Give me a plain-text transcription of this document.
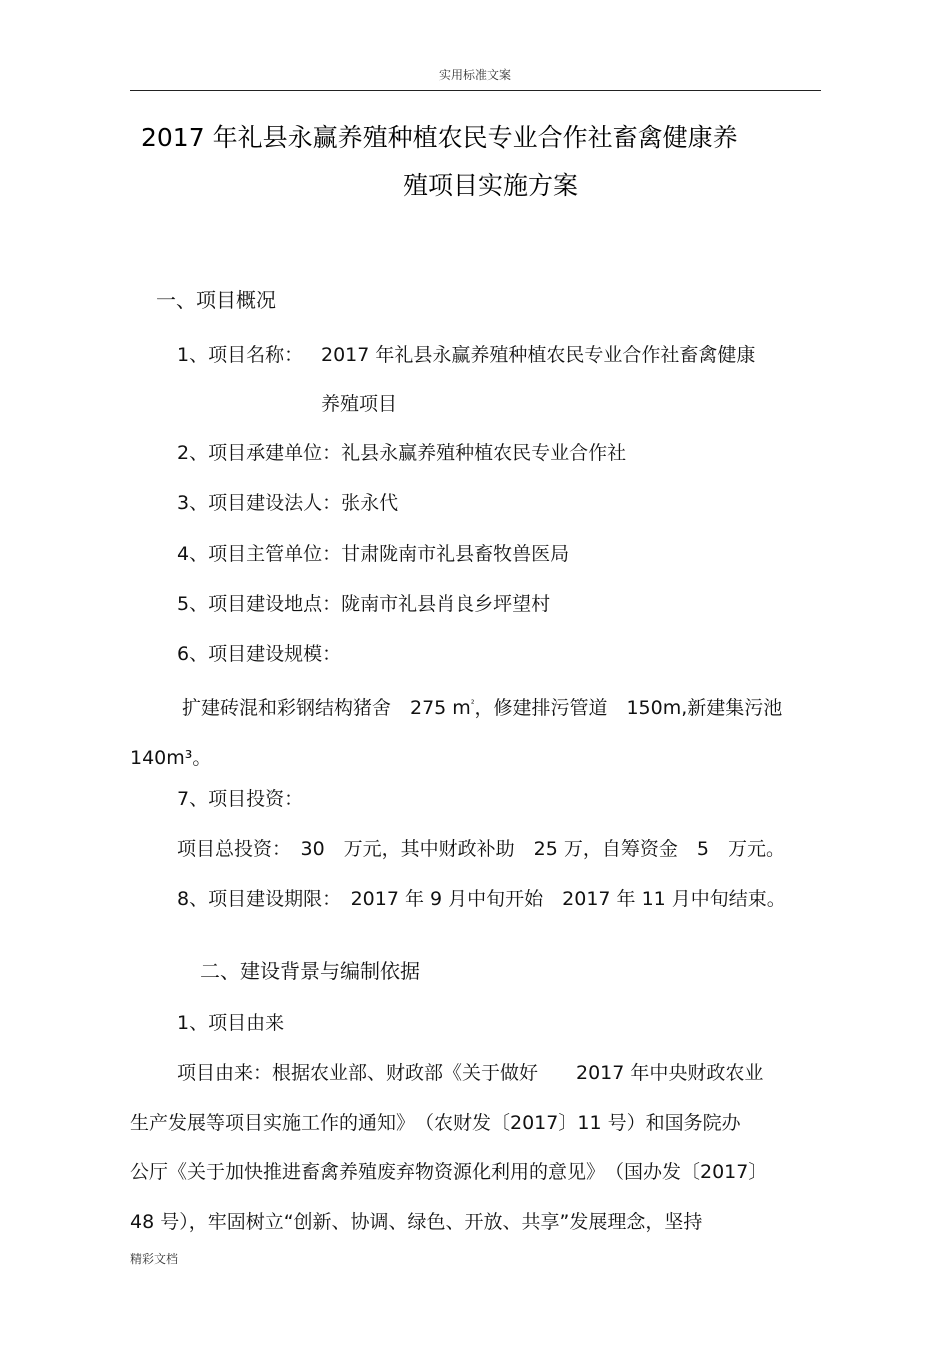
实用标准文案
2017 年礼县永赢养殖种植农民专业合作社畜禽健康养
殖项目实施方案
一、项目概况
1、项目名称： 2017 年礼县永赢养殖种植农民专业合作社畜禽健康
养殖项目
2、项目承建单位：礼县永赢养殖种植农民专业合作社
3、项目建设法人：张永代
4、项目主管单位：甘肃陇南市礼县畜牧兽医局
5、项目建设地点：陇南市礼县肖良乡坪望村
6、项目建设规模：
扩建砖混和彩钢结构猪舍　275 $m^{^2}$，修建排污管道　150m,新建集污池
140m³。
7、项目投资：
项目总投资：　30　万元，其中财政补助　25 万，自筹资金　5　万元。
8、项目建设期限：　2017 年 9 月中旬开始　2017 年 11 月中旬结束。
二、建设背景与编制依据
1、项目由来
项目由来：根据农业部、财政部《关于做好　　2017 年中央财政农业
生产发展等项目实施工作的通知》　（农财发〔2017〕11 号）和国务院办
公厅《关于加快推进畜禽养殖废弃物资源化利用的意见》　（国办发〔2017〕
48 号），牢固树立“创新、协调、绿色、开放、共享”发展理念，坚持
精彩文档
